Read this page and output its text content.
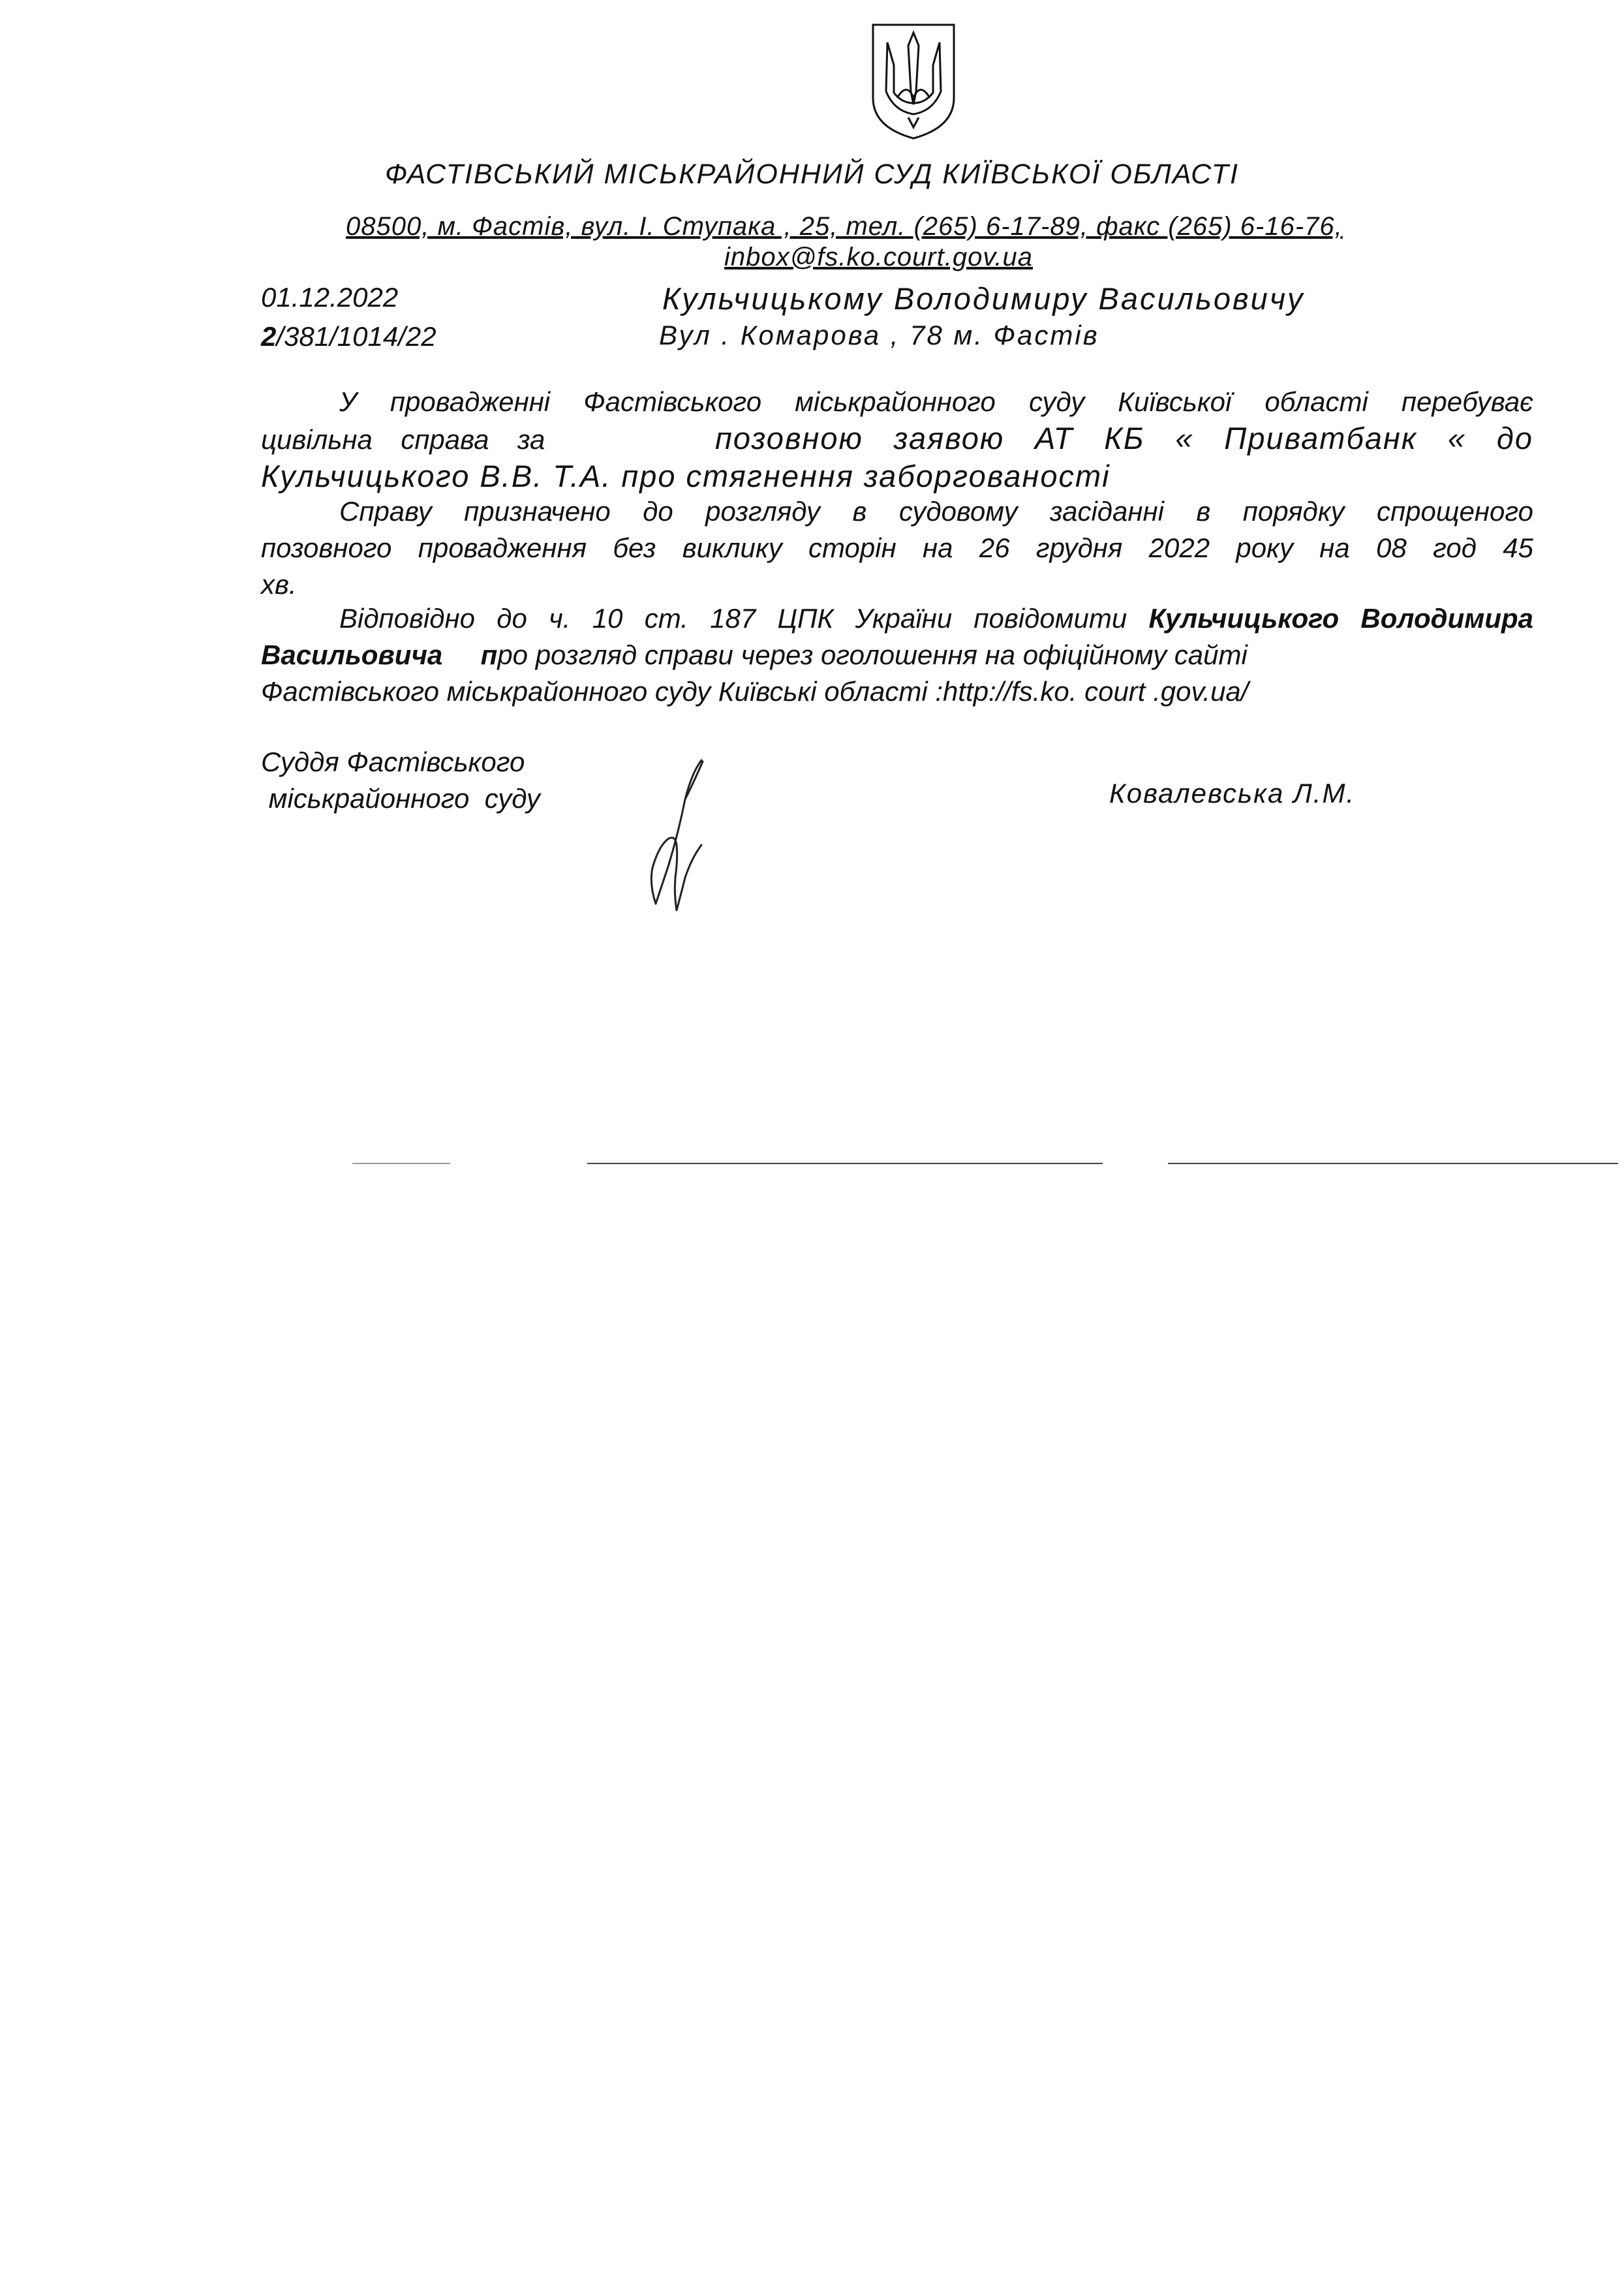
ФАСТІВСЬКИЙ МІСЬКРАЙОННИЙ СУД КИЇВСЬКОЇ ОБЛАСТІ
08500, м. Фастів, вул. І. Ступака , 25, тел. (265) 6-17-89, факс (265) 6-16-76,
inbox@fs.ko.court.gov.ua
01.12.2022	Кульчицькому Володимиру Васильовичу
2/381/1014/22	Вул . Комарова , 78 м. Фастів
У провадженні Фастівського міськрайонного суду Київської області перебуває
цивільна справа за	позовною заявою АТ КБ « Приватбанк « до
Кульчицького В.В. Т.А. про стягнення заборгованості
Справу призначено до розгляду в судовому засіданні в порядку спрощеного
позовного провадження без виклику сторін на 26 грудня 2022 року на 08 год 45
хв.
Відповідно до ч. 10 ст. 187 ЦПК України повідомити Кульчицького Володимира
Васильовича про розгляд справи через оголошення на офіційному сайті
Фастівського міськрайонного суду Київські області :http://fs.ko. court .gov.ua/
Суддя Фастівського
міськрайонного  суду	Ковалевська Л.М.
